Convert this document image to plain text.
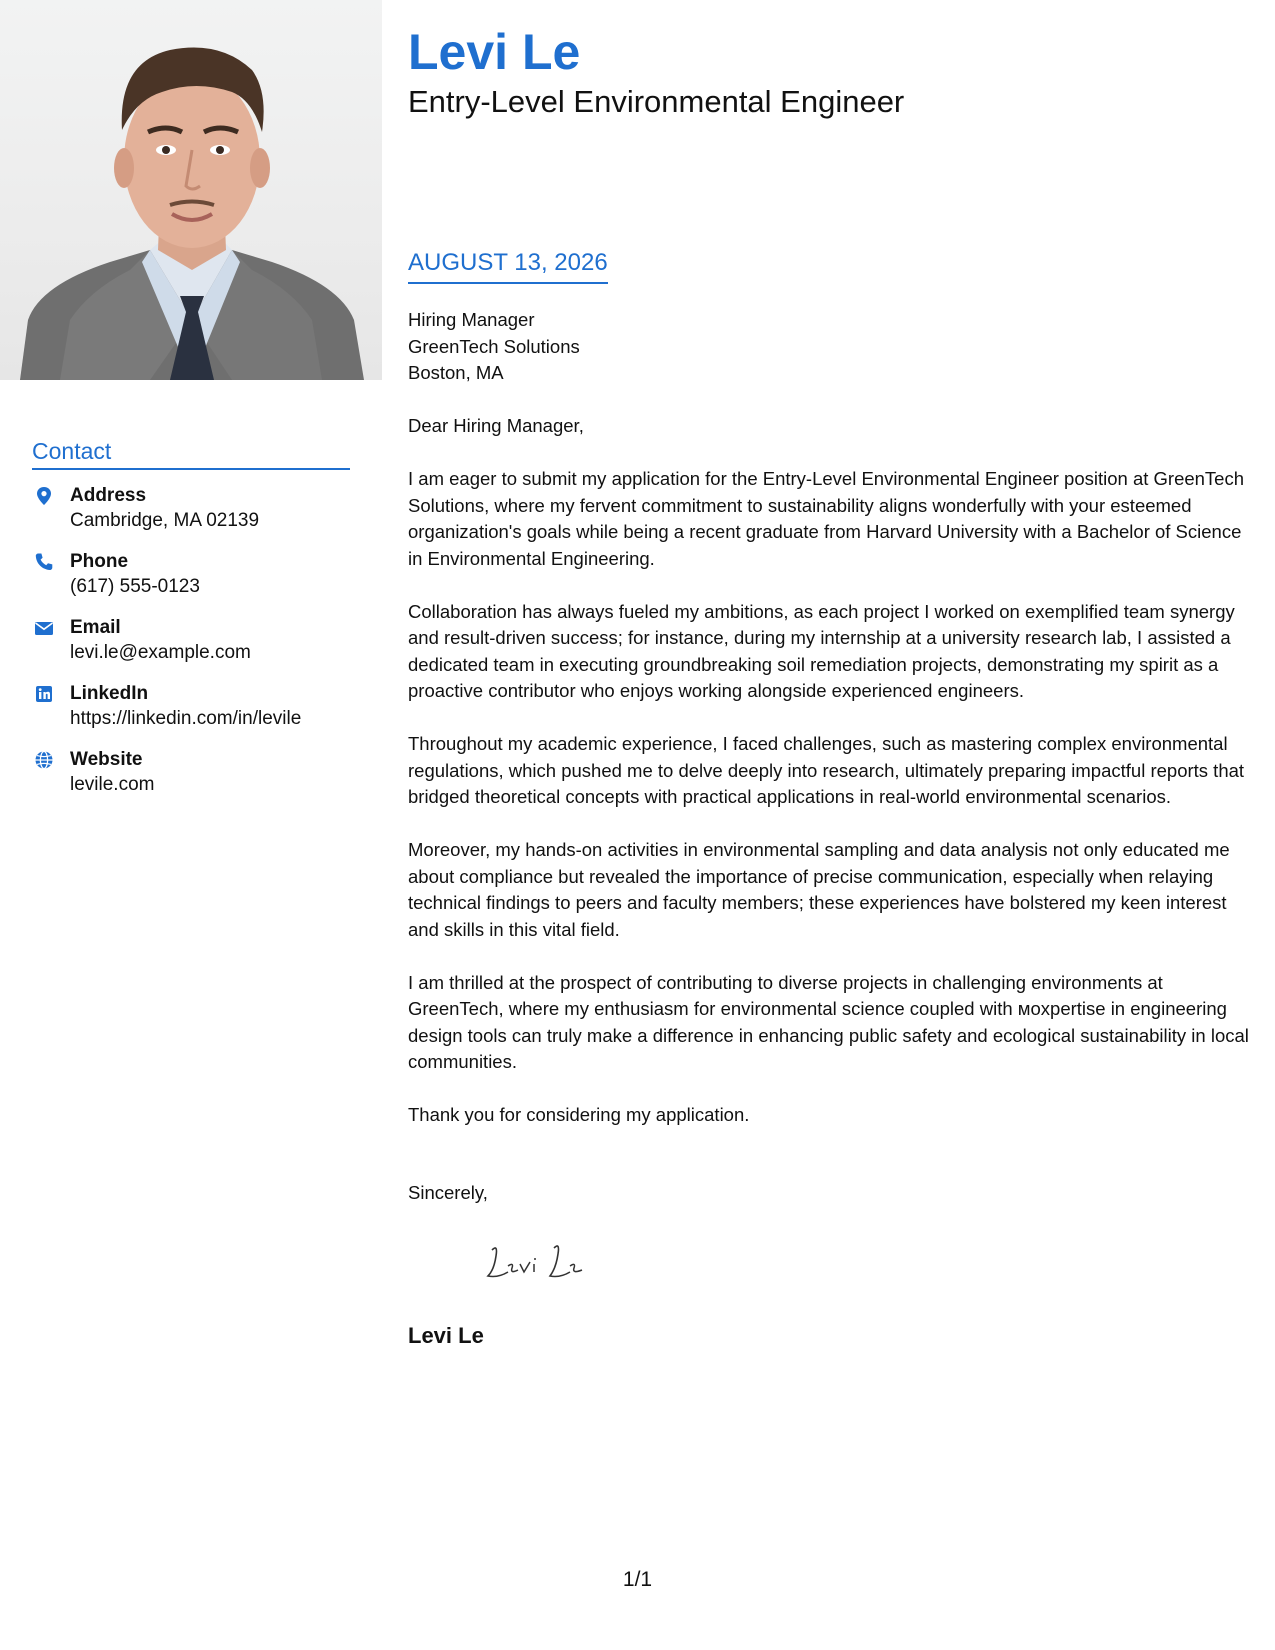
Contact
Address
Cambridge, MA 02139
Phone
(617) 555-0123
Email
levi.le@example.com
LinkedIn
https://linkedin.com/in/levile
Website
levile.com
Levi Le
Entry-Level Environmental Engineer
AUGUST 13, 2026
Hiring Manager
GreenTech Solutions
Boston, MA

Dear Hiring Manager,

I am eager to submit my application for the Entry-Level Environmental Engineer position at GreenTech Solutions, where my fervent commitment to sustainability aligns wonderfully with your esteemed organization's goals while being a recent graduate from Harvard University with a Bachelor of Science in Environmental Engineering.

Collaboration has always fueled my ambitions, as each project I worked on exemplified team synergy and result-driven success; for instance, during my internship at a university research lab, I assisted a dedicated team in executing groundbreaking soil remediation projects, demonstrating my spirit as a proactive contributor who enjoys working alongside experienced engineers.

Throughout my academic experience, I faced challenges, such as mastering complex environmental regulations, which pushed me to delve deeply into research, ultimately preparing impactful reports that bridged theoretical concepts with practical applications in real-world environmental scenarios.

Moreover, my hands-on activities in environmental sampling and data analysis not only educated me about compliance but revealed the importance of precise communication, especially when relaying technical findings to peers and faculty members; these experiences have bolstered my keen interest and skills in this vital field.

I am thrilled at the prospect of contributing to diverse projects in challenging environments at GreenTech, where my enthusiasm for environmental science coupled with мoxpertise in engineering design tools can truly make a difference in enhancing public safety and ecological sustainability in local communities.

Thank you for considering my application.

Sincerely,
Levi Le
1/1
